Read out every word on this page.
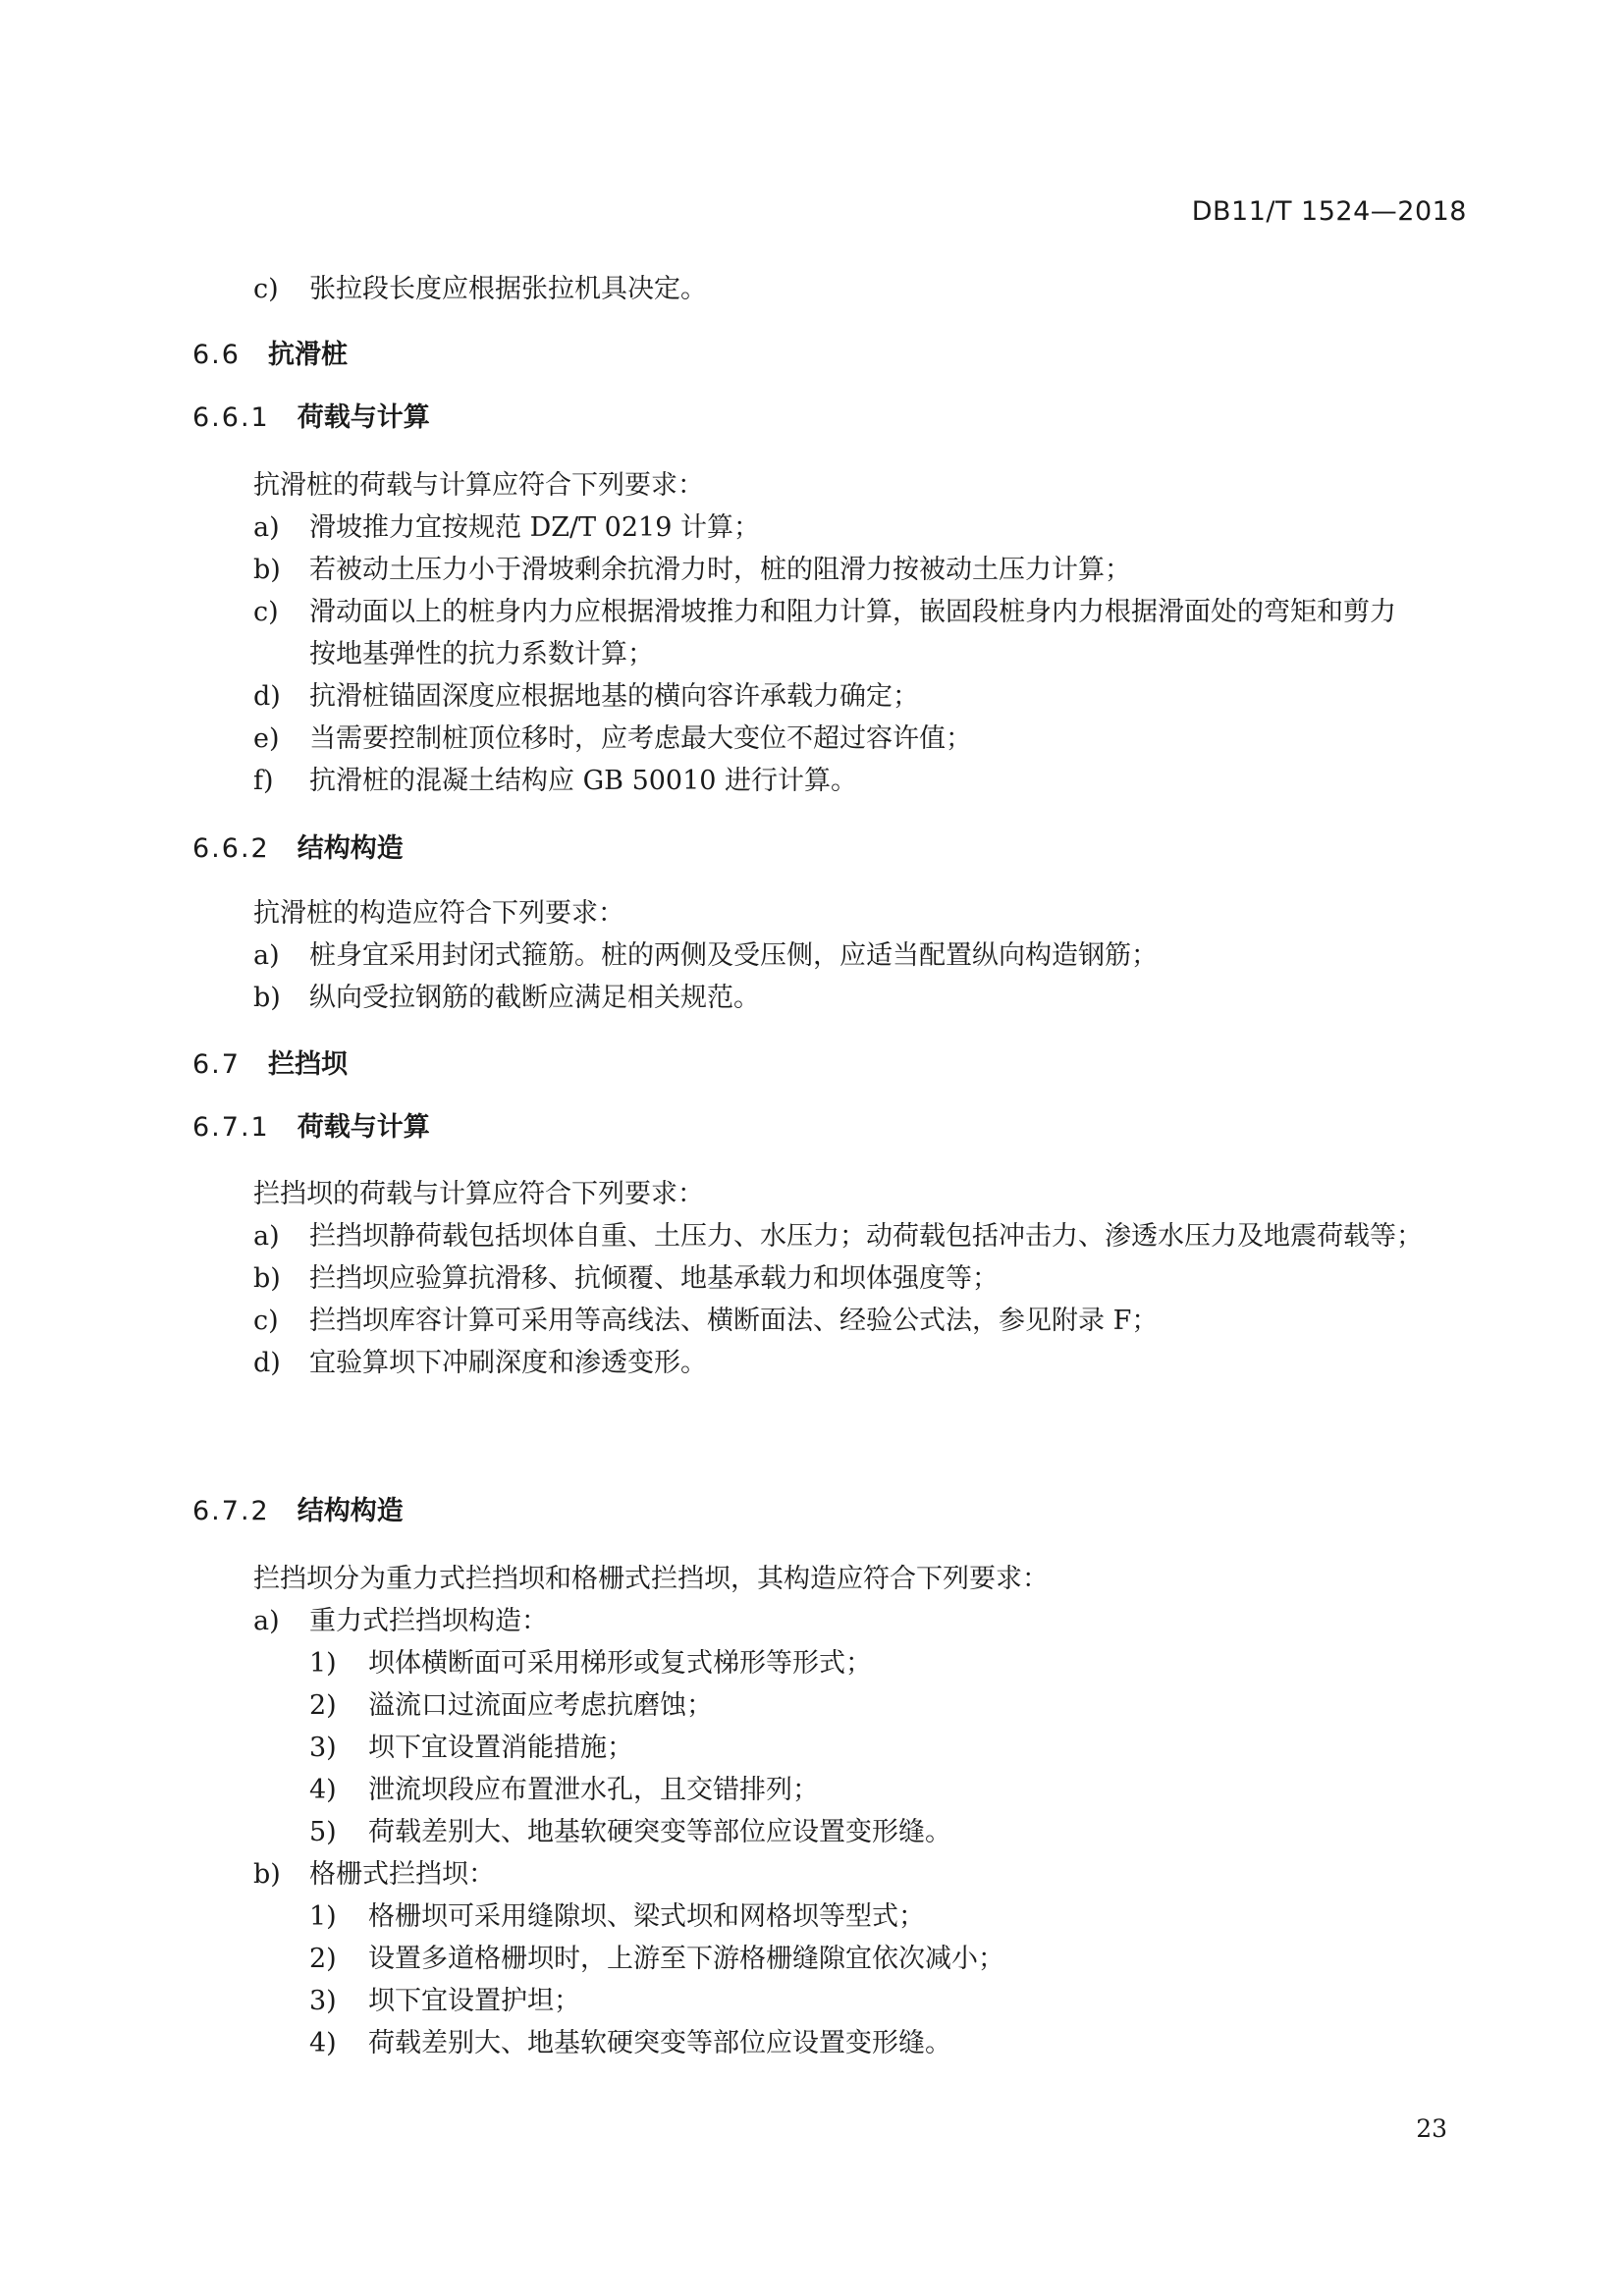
DB11/T 1524—2018
c) 张拉段长度应根据张拉机具决定。
6.6 抗滑桩
6.6.1 荷载与计算
抗滑桩的荷载与计算应符合下列要求：
a) 滑坡推力宜按规范 DZ/T 0219 计算；
b) 若被动土压力小于滑坡剩余抗滑力时，桩的阻滑力按被动土压力计算；
c) 滑动面以上的桩身内力应根据滑坡推力和阻力计算，嵌固段桩身内力根据滑面处的弯矩和剪力
按地基弹性的抗力系数计算；
d) 抗滑桩锚固深度应根据地基的横向容许承载力确定；
e) 当需要控制桩顶位移时，应考虑最大变位不超过容许值；
f) 抗滑桩的混凝土结构应 GB 50010 进行计算。
6.6.2 结构构造
抗滑桩的构造应符合下列要求：
a) 桩身宜采用封闭式箍筋。桩的两侧及受压侧，应适当配置纵向构造钢筋；
b) 纵向受拉钢筋的截断应满足相关规范。
6.7 拦挡坝
6.7.1 荷载与计算
拦挡坝的荷载与计算应符合下列要求：
a) 拦挡坝静荷载包括坝体自重、土压力、水压力；动荷载包括冲击力、渗透水压力及地震荷载等；
b) 拦挡坝应验算抗滑移、抗倾覆、地基承载力和坝体强度等；
c) 拦挡坝库容计算可采用等高线法、横断面法、经验公式法，参见附录 F；
d) 宜验算坝下冲刷深度和渗透变形。
6.7.2 结构构造
拦挡坝分为重力式拦挡坝和格栅式拦挡坝，其构造应符合下列要求：
a) 重力式拦挡坝构造：
1) 坝体横断面可采用梯形或复式梯形等形式；
2) 溢流口过流面应考虑抗磨蚀；
3) 坝下宜设置消能措施；
4) 泄流坝段应布置泄水孔，且交错排列；
5) 荷载差别大、地基软硬突变等部位应设置变形缝。
b) 格栅式拦挡坝：
1) 格栅坝可采用缝隙坝、梁式坝和网格坝等型式；
2) 设置多道格栅坝时，上游至下游格栅缝隙宜依次减小；
3) 坝下宜设置护坦；
4) 荷载差别大、地基软硬突变等部位应设置变形缝。
23
